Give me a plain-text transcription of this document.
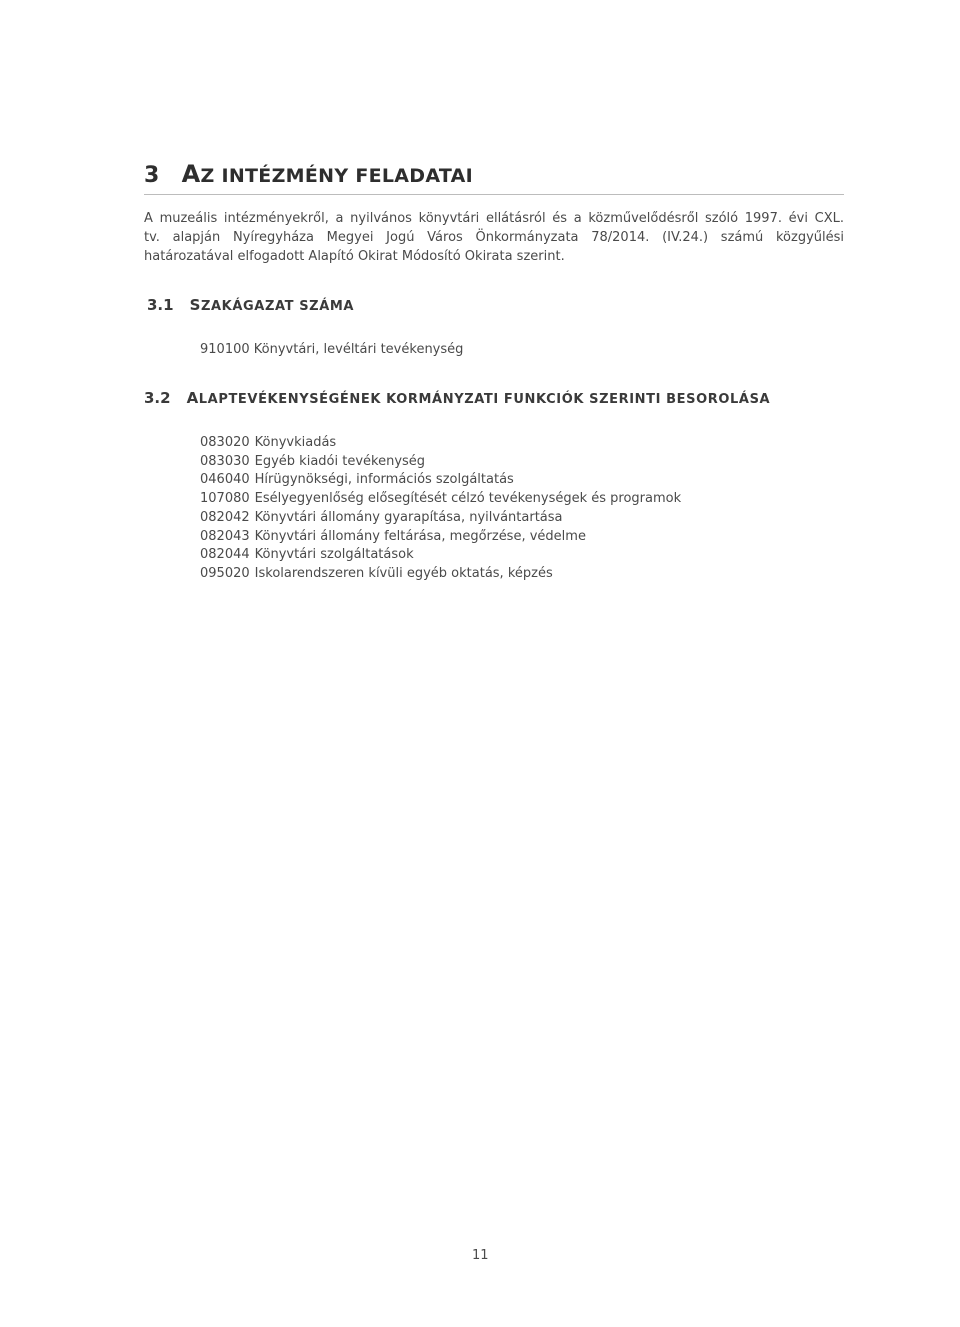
3 AZ INTÉZMÉNY FELADATAI
A muzeális intézményekről, a nyilvános könyvtári ellátásról és a közművelődésről szóló 1997. évi CXL.
tv. alapján Nyíregyháza Megyei Jogú Város Önkormányzata 78/2014. (IV.24.) számú közgyűlési
határozatával elfogadott Alapító Okirat Módosító Okirata szerint.
3.1 SZAKÁGAZAT SZÁMA
910100 Könyvtári, levéltári tevékenység
3.2 ALAPTEVÉKENYSÉGÉNEK KORMÁNYZATI FUNKCIÓK SZERINTI BESOROLÁSA
083020 Könyvkiadás
083030 Egyéb kiadói tevékenység
046040 Hírügynökségi, információs szolgáltatás
107080 Esélyegyenlőség elősegítését célzó tevékenységek és programok
082042 Könyvtári állomány gyarapítása, nyilvántartása
082043 Könyvtári állomány feltárása, megőrzése, védelme
082044 Könyvtári szolgáltatások
095020 Iskolarendszeren kívüli egyéb oktatás, képzés
11
